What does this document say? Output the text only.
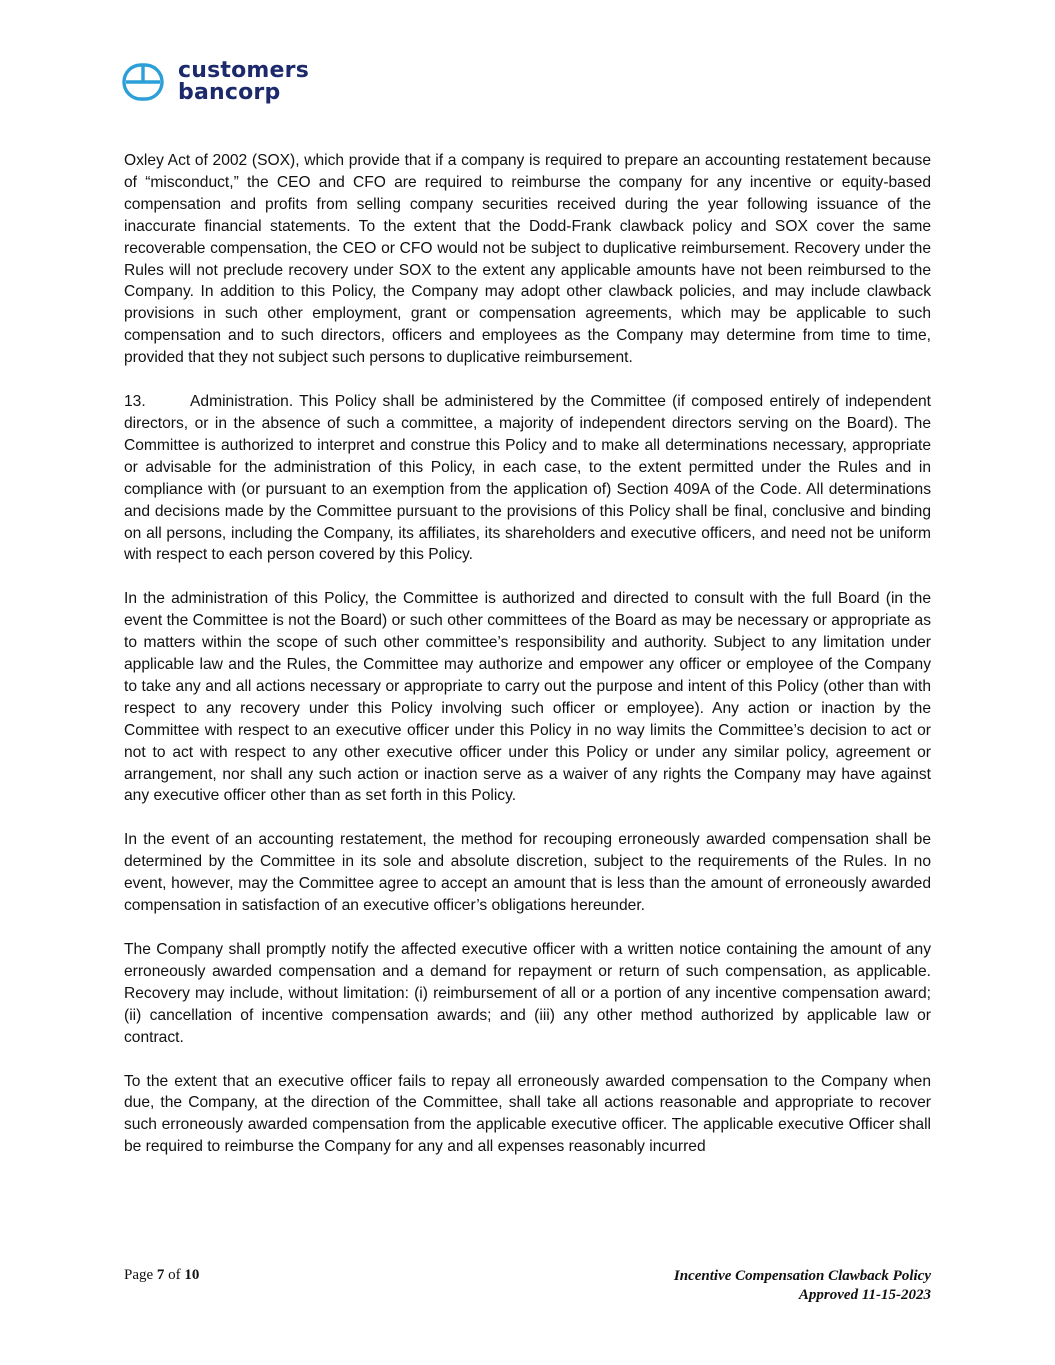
customers
bancorp

Oxley Act of 2002 (SOX), which provide that if a company is required to prepare an accounting restatement because of “misconduct,” the CEO and CFO are required to reimburse the company for any incentive or equity-based compensation and profits from selling company securities received during the year following issuance of the inaccurate financial statements. To the extent that the Dodd-Frank clawback policy and SOX cover the same recoverable compensation, the CEO or CFO would not be subject to duplicative reimbursement. Recovery under the Rules will not preclude recovery under SOX to the extent any applicable amounts have not been reimbursed to the Company. In addition to this Policy, the Company may adopt other clawback policies, and may include clawback provisions in such other employment, grant or compensation agreements, which may be applicable to such compensation and to such directors, officers and employees as the Company may determine from time to time, provided that they not subject such persons to duplicative reimbursement.

13.	Administration. This Policy shall be administered by the Committee (if composed entirely of independent directors, or in the absence of such a committee, a majority of independent directors serving on the Board). The Committee is authorized to interpret and construe this Policy and to make all determinations necessary, appropriate or advisable for the administration of this Policy, in each case, to the extent permitted under the Rules and in compliance with (or pursuant to an exemption from the application of) Section 409A of the Code. All determinations and decisions made by the Committee pursuant to the provisions of this Policy shall be final, conclusive and binding on all persons, including the Company, its affiliates, its shareholders and executive officers, and need not be uniform with respect to each person covered by this Policy.

In the administration of this Policy, the Committee is authorized and directed to consult with the full Board (in the event the Committee is not the Board) or such other committees of the Board as may be necessary or appropriate as to matters within the scope of such other committee’s responsibility and authority. Subject to any limitation under applicable law and the Rules, the Committee may authorize and empower any officer or employee of the Company to take any and all actions necessary or appropriate to carry out the purpose and intent of this Policy (other than with respect to any recovery under this Policy involving such officer or employee). Any action or inaction by the Committee with respect to an executive officer under this Policy in no way limits the Committee’s decision to act or not to act with respect to any other executive officer under this Policy or under any similar policy, agreement or arrangement, nor shall any such action or inaction serve as a waiver of any rights the Company may have against any executive officer other than as set forth in this Policy.

In the event of an accounting restatement, the method for recouping erroneously awarded compensation shall be determined by the Committee in its sole and absolute discretion, subject to the requirements of the Rules. In no event, however, may the Committee agree to accept an amount that is less than the amount of erroneously awarded compensation in satisfaction of an executive officer’s obligations hereunder.

The Company shall promptly notify the affected executive officer with a written notice containing the amount of any erroneously awarded compensation and a demand for repayment or return of such compensation, as applicable. Recovery may include, without limitation: (i) reimbursement of all or a portion of any incentive compensation award; (ii) cancellation of incentive compensation awards; and (iii) any other method authorized by applicable law or contract.

To the extent that an executive officer fails to repay all erroneously awarded compensation to the Company when due, the Company, at the direction of the Committee, shall take all actions reasonable and appropriate to recover such erroneously awarded compensation from the applicable executive officer. The applicable executive Officer shall be required to reimburse the Company for any and all expenses reasonably incurred

Page 7 of 10	Incentive Compensation Clawback Policy
Approved 11-15-2023
